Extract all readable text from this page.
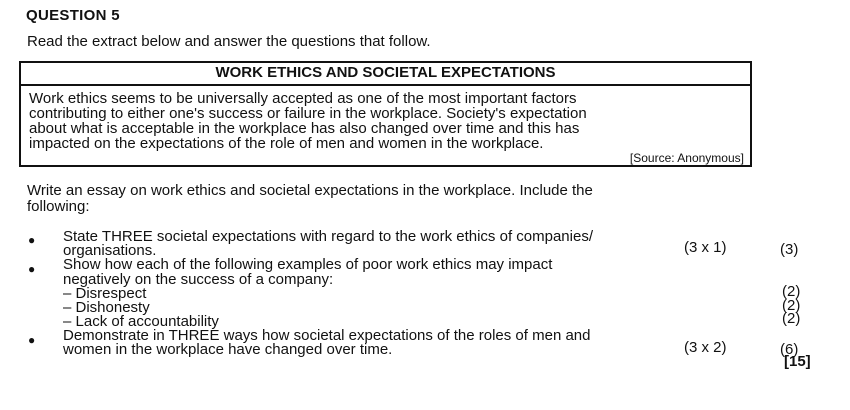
QUESTION 5
Read the extract below and answer the questions that follow.
WORK ETHICS AND SOCIETAL EXPECTATIONS
Work ethics seems to be universally accepted as one of the most important factors
contributing to either one's success or failure in the workplace. Society's expectation
about what is acceptable in the workplace has also changed over time and this has
impacted on the expectations of the role of men and women in the workplace.
[Source: Anonymous]
Write an essay on work ethics and societal expectations in the workplace. Include the
following:
● State THREE societal expectations with regard to the work ethics of companies/
organisations.	(3 x 1)	(3)
● Show how each of the following examples of poor work ethics may impact
negatively on the success of a company:
– Disrespect	(2)
– Dishonesty	(2)
– Lack of accountability	(2)
● Demonstrate in THREE ways how societal expectations of the roles of men and
women in the workplace have changed over time.	(3 x 2)	(6)
[15]
